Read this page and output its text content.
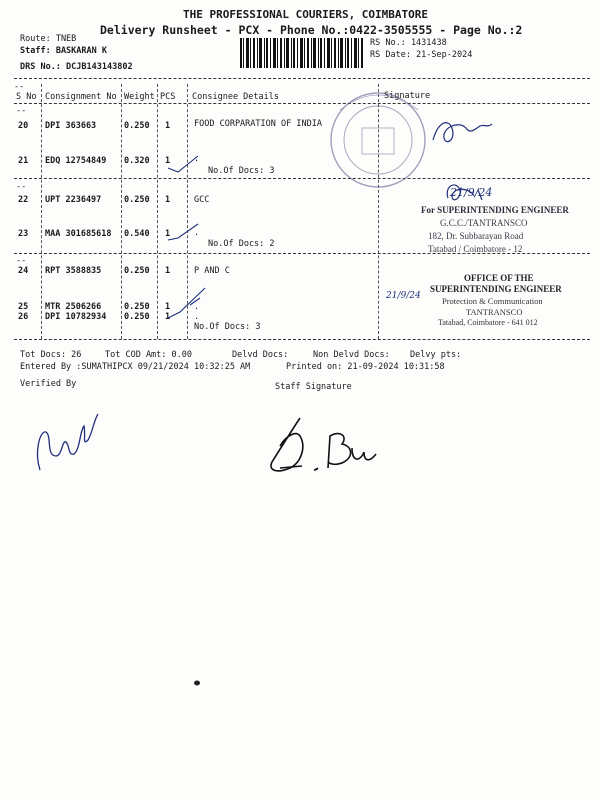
THE PROFESSIONAL COURIERS, COIMBATORE
Delivery Runsheet - PCX - Phone No.:0422-3505555 - Page No.:2
Route: TNEB
Staff: BASKARAN K
DRS No.: DCJB143143802
RS No.: 1431438
RS Date: 21-Sep-2024
--
S No Consignment No Weight PCS Consignee Details	Signature
--
20 DPI 363663	0.250 1	FOOD CORPARATION OF INDIA
21 EDQ 12754849 0.320 1	.
No.Of Docs: 3
--
22 UPT 2236497	0.250 1	GCC
23 MAA 301685618 0.540 1	.
No.Of Docs: 2
--
24 RPT 3588835	0.250 1	P AND C
25 MTR 2506266	0.250 1	.
26 DPI 10782934 0.250 1	.
No.Of Docs: 3
Tot Docs: 26	Tot COD Amt: 0.00	Delvd Docs:	Non Delvd Docs: Delvy pts:
Entered By :SUMATHIPCX 09/21/2024 10:32:25 AM	Printed on: 21-09-2024 10:31:58
Verified By	Staff Signature
21/9/24
For SUPERINTENDING ENGINEER
G.C.C./TANTRANSCO
182, Dr. Subbarayan Road
Tatabad / Coimbatore - 12
OFFICE OF THE
SUPERINTENDING ENGINEER
Protection & Communication
TANTRANSCO
Tatabad, Coimbatore - 641 012
21/9/24
